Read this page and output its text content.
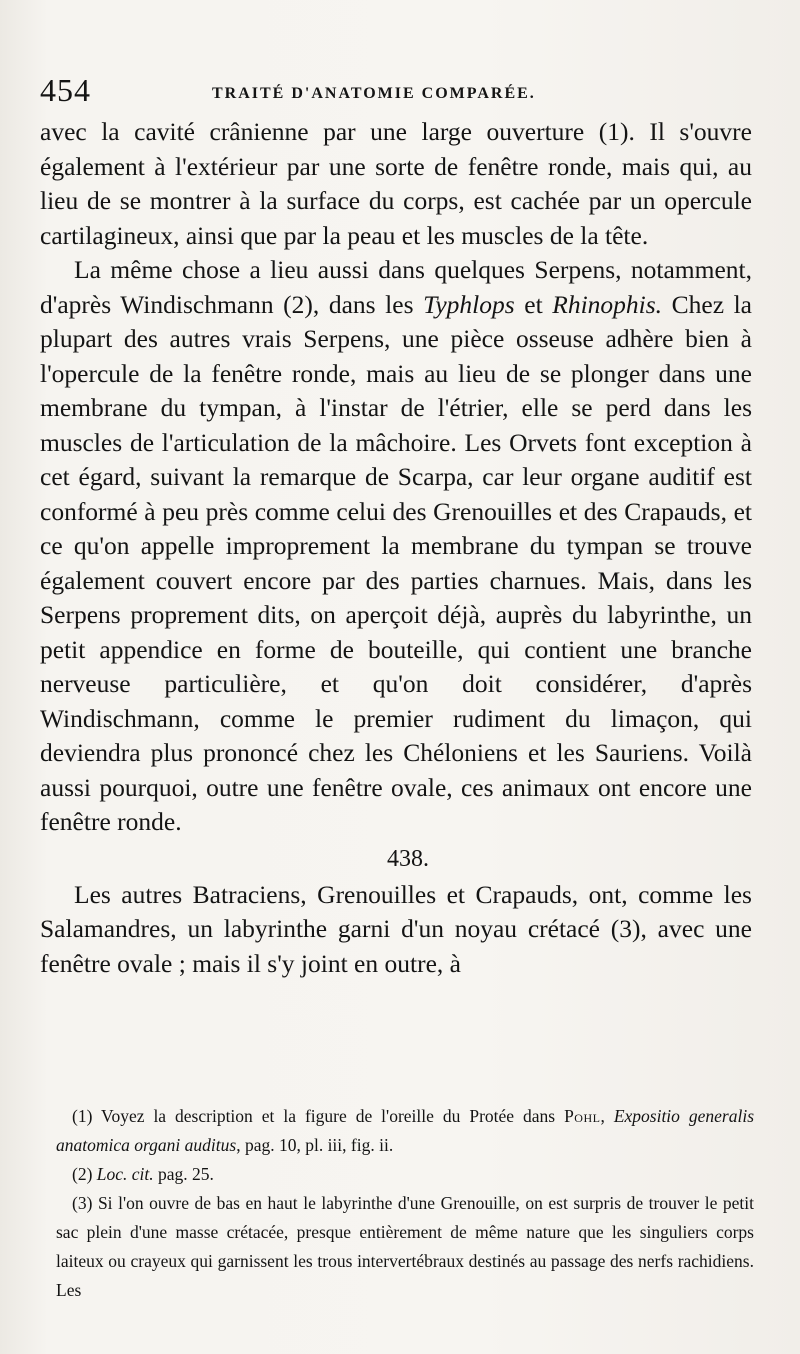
454	TRAITÉ D'ANATOMIE COMPARÉE.

avec la cavité crânienne par une large ouverture (1). Il s'ouvre également à l'extérieur par une sorte de fenêtre ronde, mais qui, au lieu de se montrer à la surface du corps, est cachée par un opercule cartilagineux, ainsi que par la peau et les muscles de la tête.

La même chose a lieu aussi dans quelques Serpens, notamment, d'après Windischmann (2), dans les Typhlops et Rhinophis. Chez la plupart des autres vrais Serpens, une pièce osseuse adhère bien à l'opercule de la fenêtre ronde, mais au lieu de se plonger dans une membrane du tympan, à l'instar de l'étrier, elle se perd dans les muscles de l'articulation de la mâchoire. Les Orvets font exception à cet égard, suivant la remarque de Scarpa, car leur organe auditif est conformé à peu près comme celui des Grenouilles et des Crapauds, et ce qu'on appelle improprement la membrane du tympan se trouve également couvert encore par des parties charnues. Mais, dans les Serpens proprement dits, on aperçoit déjà, auprès du labyrinthe, un petit appendice en forme de bouteille, qui contient une branche nerveuse particulière, et qu'on doit considérer, d'après Windischmann, comme le premier rudiment du limaçon, qui deviendra plus prononcé chez les Chéloniens et les Sauriens. Voilà aussi pourquoi, outre une fenêtre ovale, ces animaux ont encore une fenêtre ronde.

438.

Les autres Batraciens, Grenouilles et Crapauds, ont, comme les Salamandres, un labyrinthe garni d'un noyau crétacé (3), avec une fenêtre ovale ; mais il s'y joint en outre, à

(1) Voyez la description et la figure de l'oreille du Protée dans Pohl, Expositio generalis anatomica organi auditus, pag. 10, pl. iii, fig. ii.

(2) Loc. cit. pag. 25.

(3) Si l'on ouvre de bas en haut le labyrinthe d'une Grenouille, on est surpris de trouver le petit sac plein d'une masse crétacée, presque entièrement de même nature que les singuliers corps laiteux ou crayeux qui garnissent les trous intervertébraux destinés au passage des nerfs rachidiens. Les
